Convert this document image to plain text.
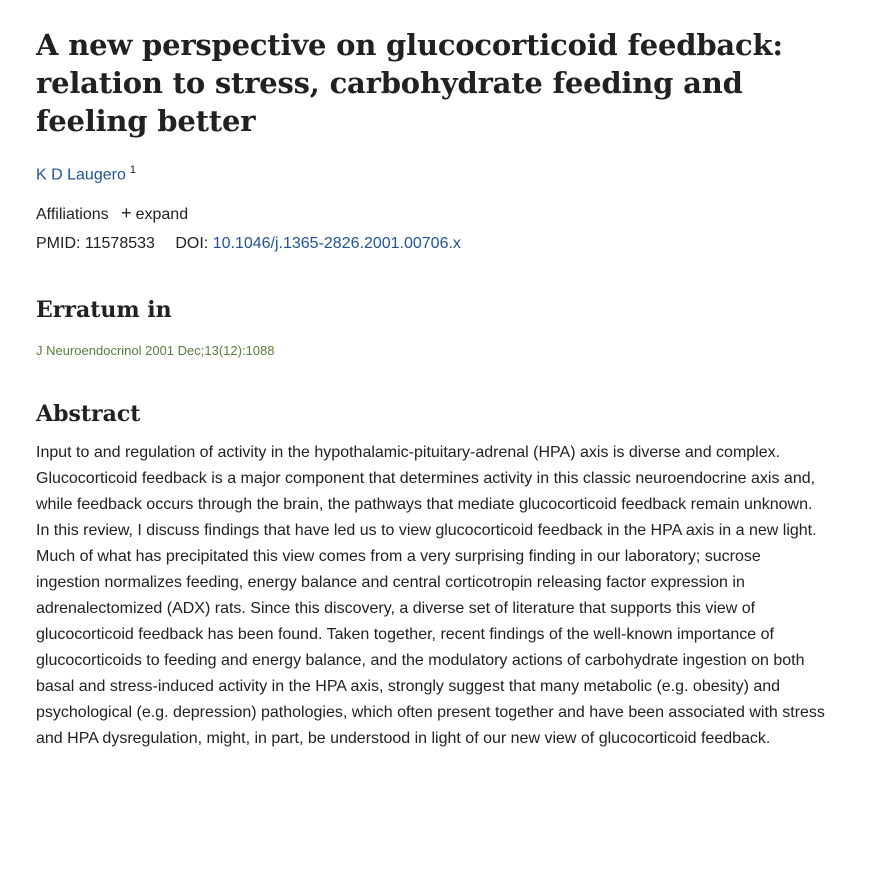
A new perspective on glucocorticoid feedback: relation to stress, carbohydrate feeding and feeling better
K D Laugero $^1$
Affiliations + expand
PMID: 11578533 DOI: 10.1046/j.1365-2826.2001.00706.x
Erratum in
J Neuroendocrinol 2001 Dec;13(12):1088
Abstract

Input to and regulation of activity in the hypothalamic-pituitary-adrenal (HPA) axis is diverse and complex. Glucocorticoid feedback is a major component that determines activity in this classic neuroendocrine axis and, while feedback occurs through the brain, the pathways that mediate glucocorticoid feedback remain unknown. In this review, I discuss findings that have led us to view glucocorticoid feedback in the HPA axis in a new light. Much of what has precipitated this view comes from a very surprising finding in our laboratory; sucrose ingestion normalizes feeding, energy balance and central corticotropin releasing factor expression in adrenalectomized (ADX) rats. Since this discovery, a diverse set of literature that supports this view of glucocorticoid feedback has been found. Taken together, recent findings of the well-known importance of glucocorticoids to feeding and energy balance, and the modulatory actions of carbohydrate ingestion on both basal and stress-induced activity in the HPA axis, strongly suggest that many metabolic (e.g. obesity) and psychological (e.g. depression) pathologies, which often present together and have been associated with stress and HPA dysregulation, might, in part, be understood in light of our new view of glucocorticoid feedback.
